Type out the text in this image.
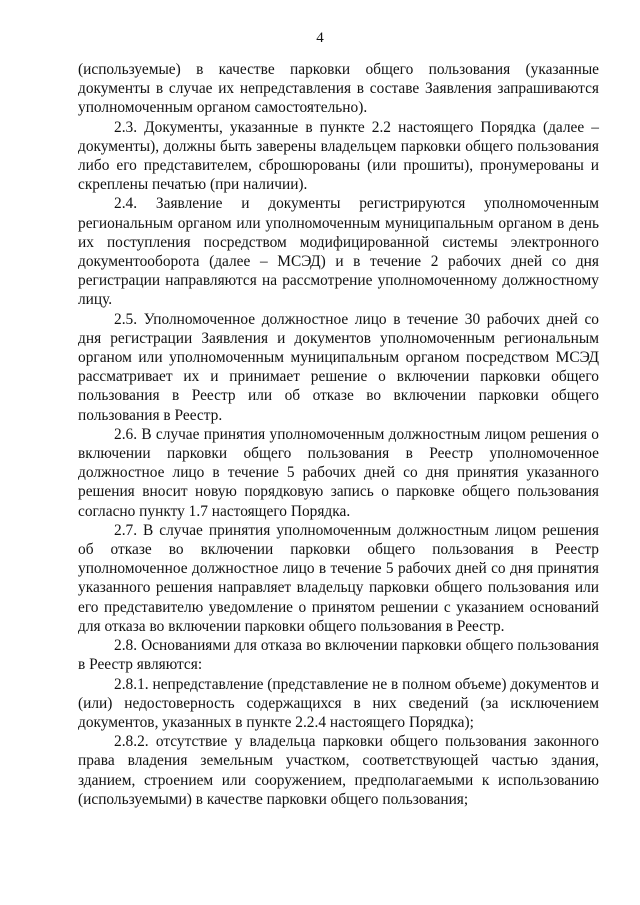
4

(используемые) в качестве парковки общего пользования (указанные документы в случае их непредставления в составе Заявления запрашиваются уполномоченным органом самостоятельно).

2.3. Документы, указанные в пункте 2.2 настоящего Порядка (далее – документы), должны быть заверены владельцем парковки общего пользования либо его представителем, сброшюрованы (или прошиты), пронумерованы и скреплены печатью (при наличии).

2.4. Заявление и документы регистрируются уполномоченным региональным органом или уполномоченным муниципальным органом в день их поступления посредством модифицированной системы электронного документооборота (далее – МСЭД) и в течение 2 рабочих дней со дня регистрации направляются на рассмотрение уполномоченному должностному лицу.

2.5. Уполномоченное должностное лицо в течение 30 рабочих дней со дня регистрации Заявления и документов уполномоченным региональным органом или уполномоченным муниципальным органом посредством МСЭД рассматривает их и принимает решение о включении парковки общего пользования в Реестр или об отказе во включении парковки общего пользования в Реестр.

2.6. В случае принятия уполномоченным должностным лицом решения о включении парковки общего пользования в Реестр уполномоченное должностное лицо в течение 5 рабочих дней со дня принятия указанного решения вносит новую порядковую запись о парковке общего пользования согласно пункту 1.7 настоящего Порядка.

2.7. В случае принятия уполномоченным должностным лицом решения об отказе во включении парковки общего пользования в Реестр уполномоченное должностное лицо в течение 5 рабочих дней со дня принятия указанного решения направляет владельцу парковки общего пользования или его представителю уведомление о принятом решении с указанием оснований для отказа во включении парковки общего пользования в Реестр.

2.8. Основаниями для отказа во включении парковки общего пользования в Реестр являются:

2.8.1. непредставление (представление не в полном объеме) документов и (или) недостоверность содержащихся в них сведений (за исключением документов, указанных в пункте 2.2.4 настоящего Порядка);

2.8.2. отсутствие у владельца парковки общего пользования законного права владения земельным участком, соответствующей частью здания, зданием, строением или сооружением, предполагаемыми к использованию (используемыми) в качестве парковки общего пользования;
